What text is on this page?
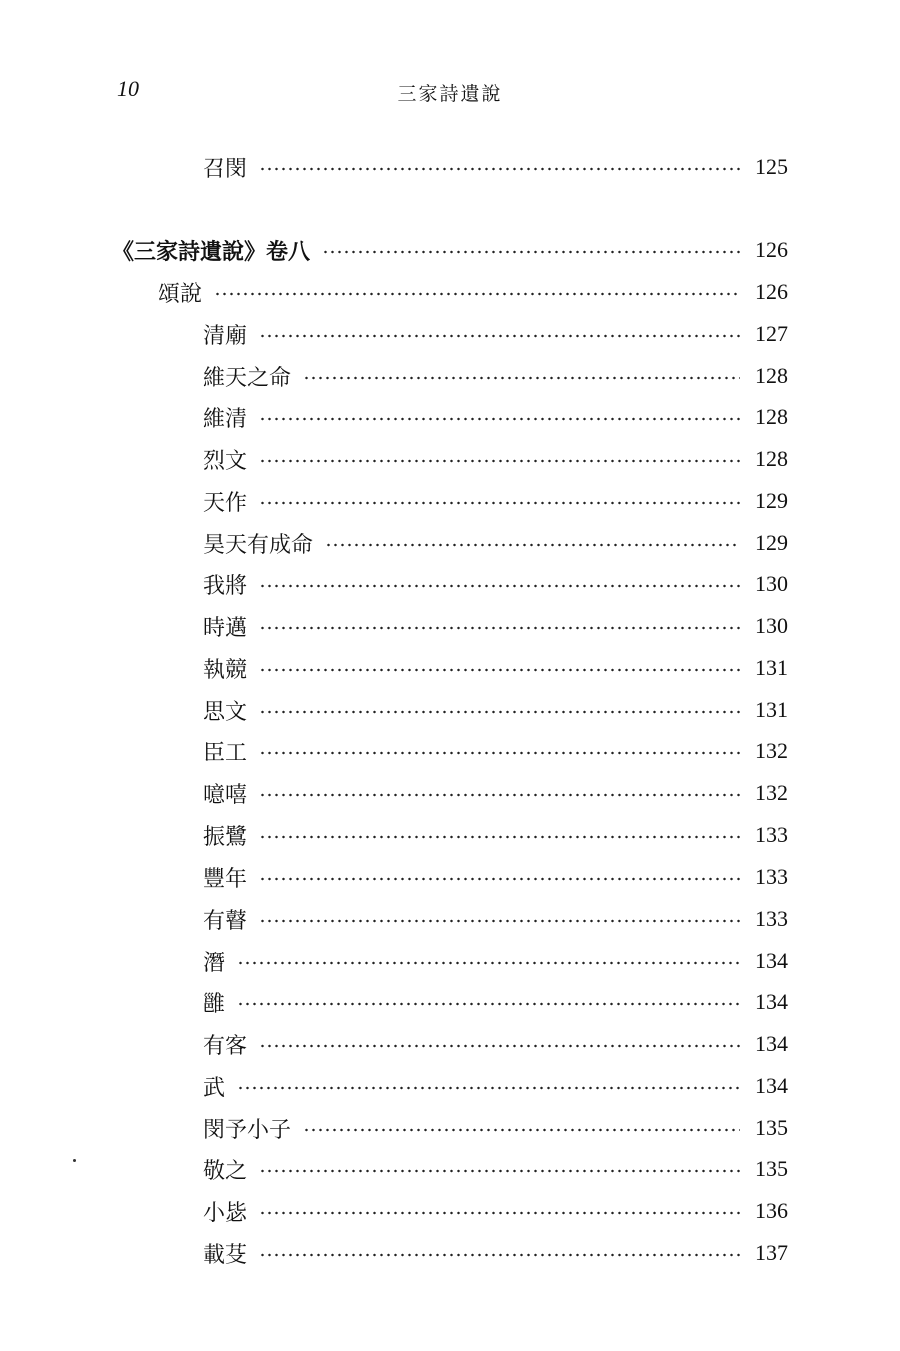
10	三家詩遺說
召閔	125
《三家詩遺說》卷八	126
頌說	126
清廟	127
維天之命	128
維清	128
烈文	128
天作	129
昊天有成命	129
我將	130
時邁	130
執競	131
思文	131
臣工	132
噫嘻	132
振鷺	133
豐年	133
有瞽	133
潛	134
雝	134
有客	134
武	134
閔予小子	135
敬之	135
小毖	136
載芟	137
